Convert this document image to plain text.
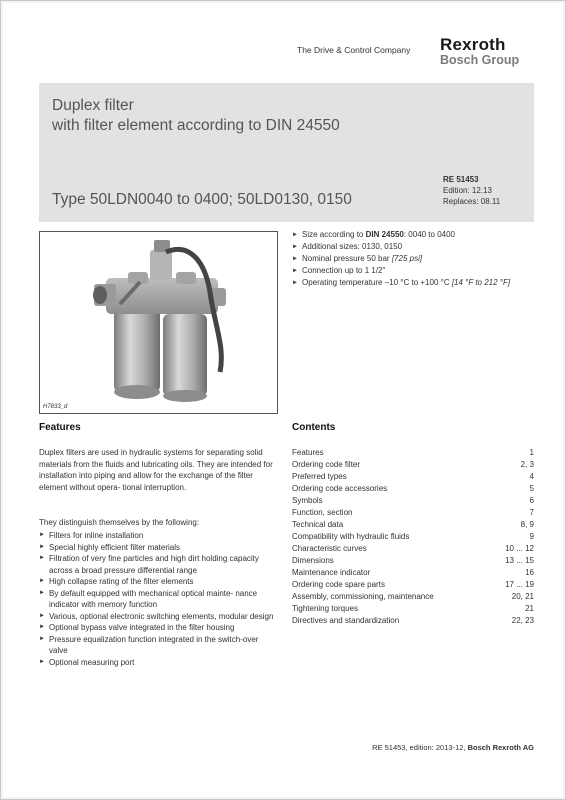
The Drive & Control Company Rexroth
Bosch Group
Duplex filter
with filter element according to DIN 24550
Type 50LDN0040 to 0400; 50LD0130, 0150
RE 51453
Edition: 12.13
Replaces: 08.11
H7833_d
► Size according to DIN 24550: 0040 to 0400
► Additional sizes: 0130, 0150
► Nominal pressure 50 bar [725 psi]
► Connection up to 1 1/2"
► Operating temperature –10 °C to +100 °C [14 °F to 212 °F]
Features

Duplex filters are used in hydraulic systems for separating solid materials from the fluids and lubricating oils. They are intended for installation into piping and allow for the exchange of the filter element without opera- tional interruption.

They distinguish themselves by the following:

► Filters for inline installation
► Special highly efficient filter materials
► Filtration of very fine particles and high dirt holding capacity across a broad pressure differential range
► High collapse rating of the filter elements
► By default equipped with mechanical optical mainte- nance indicator with memory function
► Various, optional electronic switching elements, modular design
► Optional bypass valve integrated in the filter housing
► Pressure equalization function integrated in the switch-over valve
► Optional measuring port
Contents
Features	1
Ordering code filter	2, 3
Preferred types	4
Ordering code accessories	5
Symbols	6
Function, section	7
Technical data	8, 9
Compatibility with hydraulic fluids	9
Characteristic curves	10 ... 12
Dimensions	13 ... 15
Maintenance indicator	16
Ordering code spare parts	17 ... 19
Assembly, commissioning, maintenance	20, 21
Tightening torques	21
Directives and standardization	22, 23
RE 51453, edition: 2013-12, Bosch Rexroth AG
